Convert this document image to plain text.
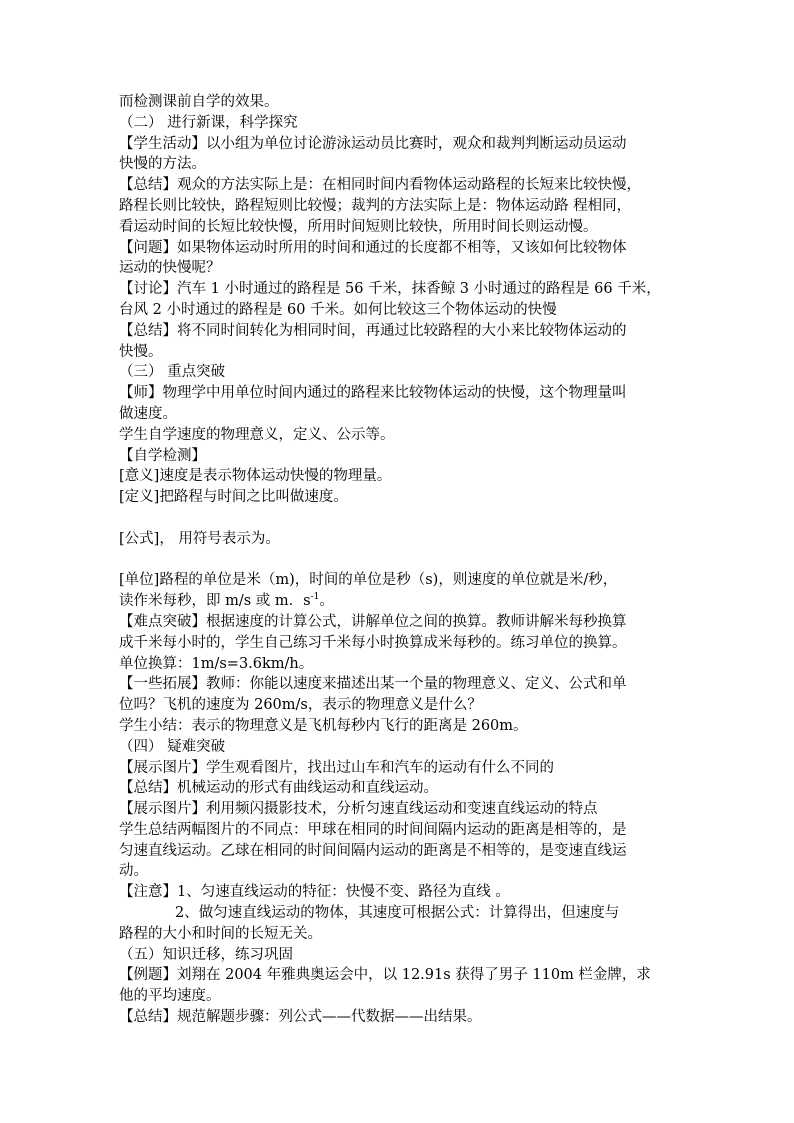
而检测课前自学的效果。
（二） 进行新课，科学探究
【学生活动】以小组为单位讨论游泳运动员比赛时，观众和裁判判断运动员运动
快慢的方法。
【总结】观众的方法实际上是：在相同时间内看物体运动路程的长短来比较快慢，
路程长则比较快，路程短则比较慢；裁判的方法实际上是：物体运动路 程相同，
看运动时间的长短比较快慢，所用时间短则比较快，所用时间长则运动慢。
【问题】如果物体运动时所用的时间和通过的长度都不相等，又该如何比较物体
运动的快慢呢？
【讨论】汽车 1 小时通过的路程是 56 千米，抹香鲸 3 小时通过的路程是 66 千米，
台风 2 小时通过的路程是 60 千米。如何比较这三个物体运动的快慢
【总结】将不同时间转化为相同时间，再通过比较路程的大小来比较物体运动的
快慢。
（三） 重点突破
【师】物理学中用单位时间内通过的路程来比较物体运动的快慢，这个物理量叫
做速度。
学生自学速度的物理意义，定义、公示等。
【自学检测】
[意义]速度是表示物体运动快慢的物理量。
[定义]把路程与时间之比叫做速度。
[公式]， 用符号表示为。
[单位]路程的单位是米（m)，时间的单位是秒（s)，则速度的单位就是米/秒，
读作米每秒，即 m/s 或 m．$s^{-1}$。
【难点突破】根据速度的计算公式，讲解单位之间的换算。教师讲解米每秒换算
成千米每小时的，学生自己练习千米每小时换算成米每秒的。练习单位的换算。
单位换算：1m/s=3.6km/h。
【一些拓展】教师：你能以速度来描述出某一个量的物理意义、定义、公式和单
位吗？飞机的速度为 260m/s，表示的物理意义是什么？
学生小结：表示的物理意义是飞机每秒内飞行的距离是 260m。
（四） 疑难突破
【展示图片】学生观看图片，找出过山车和汽车的运动有什么不同的
【总结】机械运动的形式有曲线运动和直线运动。
【展示图片】利用频闪摄影技术，分析匀速直线运动和变速直线运动的特点
学生总结两幅图片的不同点：甲球在相同的时间间隔内运动的距离是相等的，是
匀速直线运动。乙球在相同的时间间隔内运动的距离是不相等的，是变速直线运
动。
【注意】1、匀速直线运动的特征：快慢不变、路径为直线 。
2、做匀速直线运动的物体，其速度可根据公式：计算得出，但速度与
路程的大小和时间的长短无关。
（五）知识迁移，练习巩固
【例题】刘翔在 2004 年雅典奥运会中，以 12.91s 获得了男子 110m 栏金牌，求
他的平均速度。
【总结】规范解题步骤：列公式——代数据——出结果。
